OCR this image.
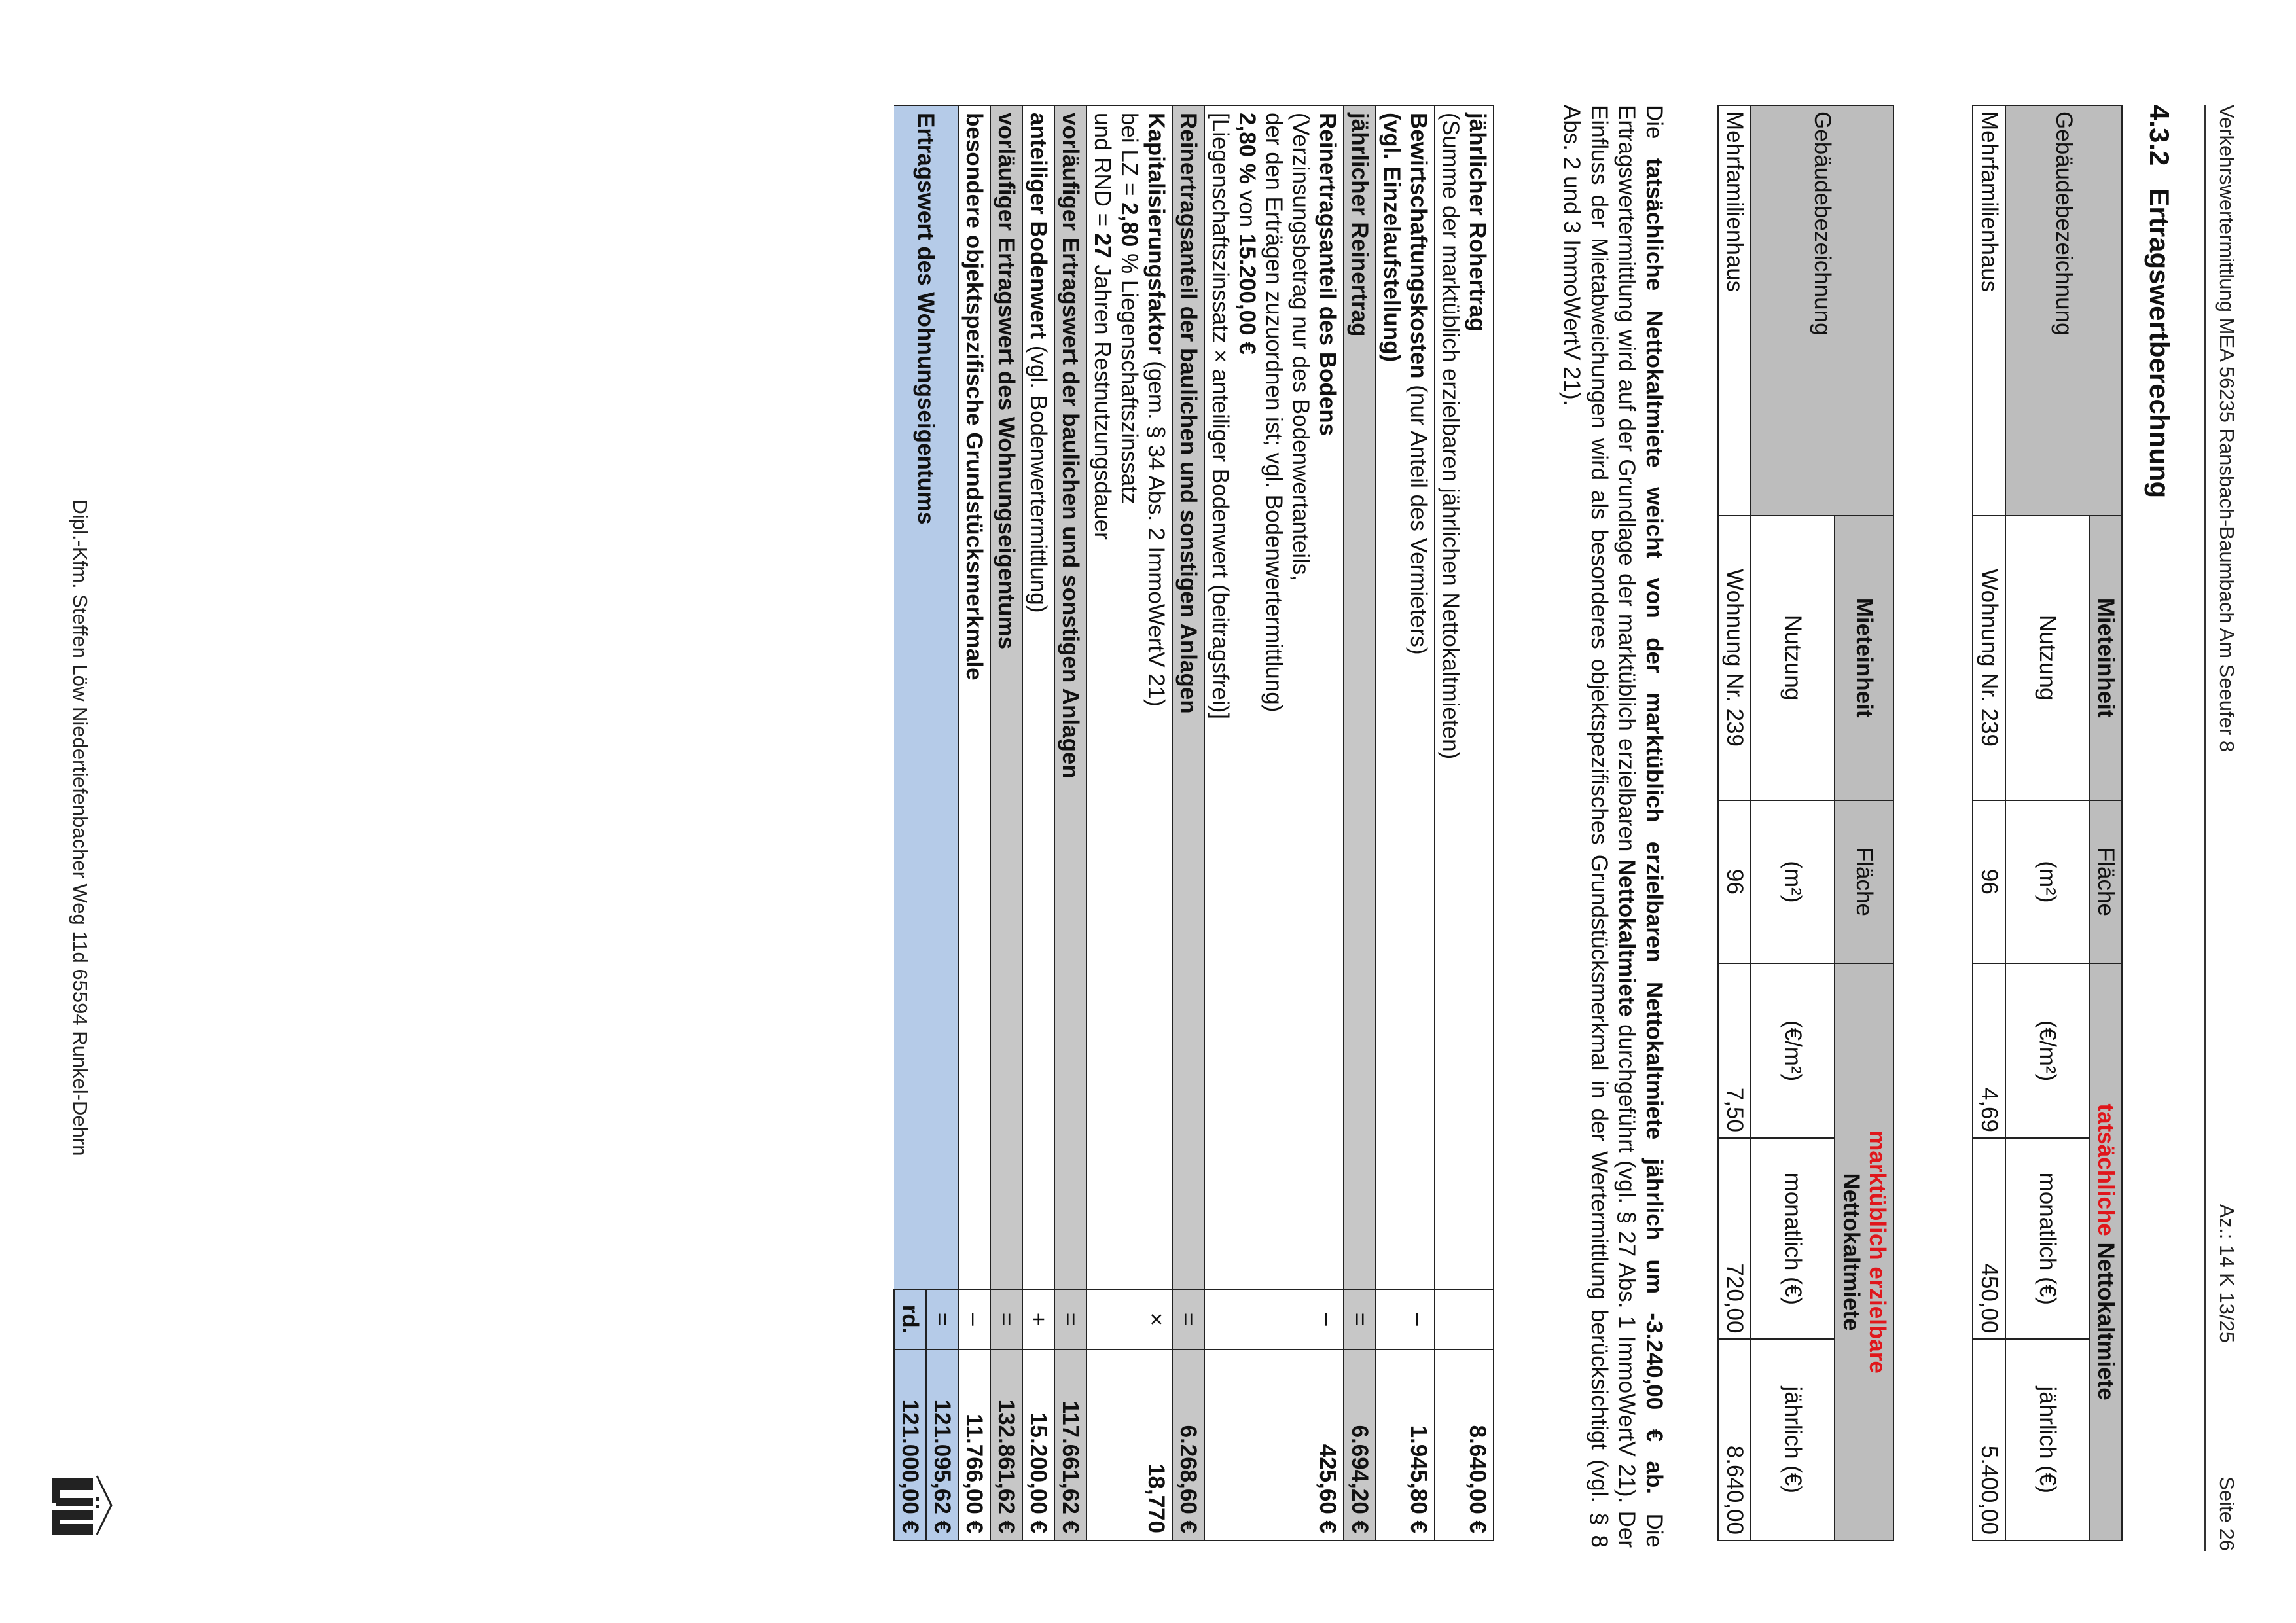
Verkehrswertermittlung MEA 56235 Ransbach-Baumbach Am Seeufer 8
Az.: 14 K 13/25
Seite 26
4.3.2Ertragswertberechnung
Gebäudebezeichnung	Mieteinheit	Fläche	tatsächliche Nettokaltmiete		
	Nutzung	(m²)	(€/m²)	monatlich (€)	jährlich (€)
Mehrfamilienhaus	Wohnung Nr. 239	96	4,69	450,00	5.400,00
Gebäudebezeichnung	Mieteinheit	Fläche	marktüblich erzielbare
Nettokaltmiete		
	Nutzung	(m²)	(€/m²)	monatlich (€)	jährlich (€)
Mehrfamilienhaus	Wohnung Nr. 239	96	7,50	720,00	8.640,00
Die tatsächliche Nettokaltmiete weicht von der marktüblich erzielbaren Nettokaltmiete jährlich um -3.240,00 € ab. Die Ertragswertermittlung wird auf der Grundlage der marktüblich erzielbaren Nettokaltmiete durchgeführt (vgl. § 27 Abs. 1 ImmoWertV 21). Der Einfluss der Mietabweichungen wird als besonderes objektspezifisches Grundstücksmerkmal in der Wertermittlung berücksichtigt (vgl. § 8 Abs. 2 und 3 ImmoWertV 21).
jährlicher Rohertrag
(Summe der marktüblich erzielbaren jährlichen Nettokaltmieten)		8.640,00 €
Bewirtschaftungskosten (nur Anteil des Vermieters)
(vgl. Einzelaufstellung)	–	1.945,80 €
jährlicher Reinertrag	=	6.694,20 €
Reinertragsanteil des Bodens
(Verzinsungsbetrag nur des Bodenwertanteils,
der den Erträgen zuzuordnen ist; vgl. Bodenwertermittlung)
2,80 % von 15.200,00 €
[Liegenschaftszinssatz × anteiliger Bodenwert (beitragsfrei)]	–	425,60 €
Reinertragsanteil der baulichen und sonstigen Anlagen	=	6.268,60 €
Kapitalisierungsfaktor (gem. § 34 Abs. 2 ImmoWertV 21)
bei LZ = 2,80 % Liegenschaftszinssatz
und RND = 27 Jahren Restnutzungsdauer	×	18,770
vorläufiger Ertragswert der baulichen und sonstigen Anlagen	=	117.661,62 €
anteiliger Bodenwert (vgl. Bodenwertermittlung)	+	15.200,00 €
vorläufiger Ertragswert des Wohnungseigentums	=	132.861,62 €
besondere objektspezifische Grundstücksmerkmale	–	11.766,00 €
Ertragswert des Wohnungseigentums	=	121.095,62 €
	rd.	121.000,00 €
Dipl.-Kfm. Steffen Löw Niedertiefenbacher Weg 11d 65594 Runkel-Dehrn
